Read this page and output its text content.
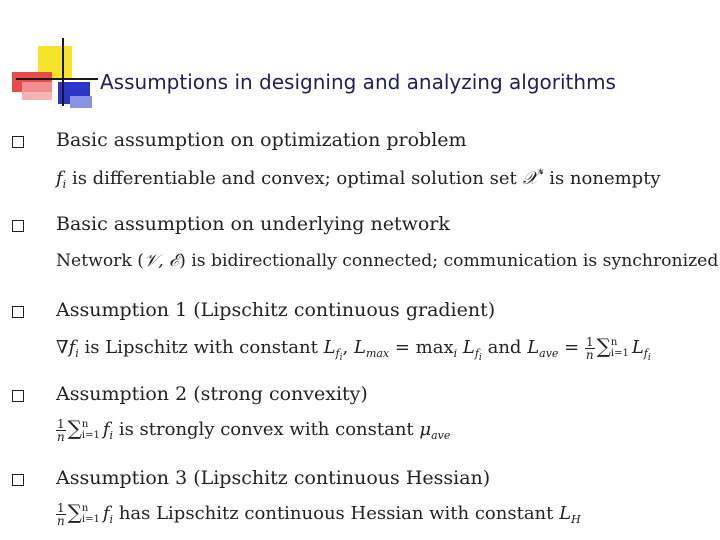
Assumptions in designing and analyzing algorithms
Basic assumption on optimization problem
$f_i$ is differentiable and convex; optimal solution set 𝒳* is nonempty
Basic assumption on underlying network
Network (𝒱, ℰ) is bidirectionally connected; communication is synchronized
Assumption 1 (Lipschitz continuous gradient)
$\nabla f_i$ is Lipschitz with constant $L_{f_i}$, $L_{max} = \max_i L_{f_i}$ and $L_{ave} = \frac{1}{n}$ ∑ n
i=1 $L_{f_i}$
Assumption 2 (strong convexity)
$\frac{1}{n}$ ∑ n
i=1 $f_i$ is strongly convex with constant $\mu_{ave}$
Assumption 3 (Lipschitz continuous Hessian)
$\frac{1}{n}$ ∑ n
i=1 $f_i$ has Lipschitz continuous Hessian with constant $L_H$
